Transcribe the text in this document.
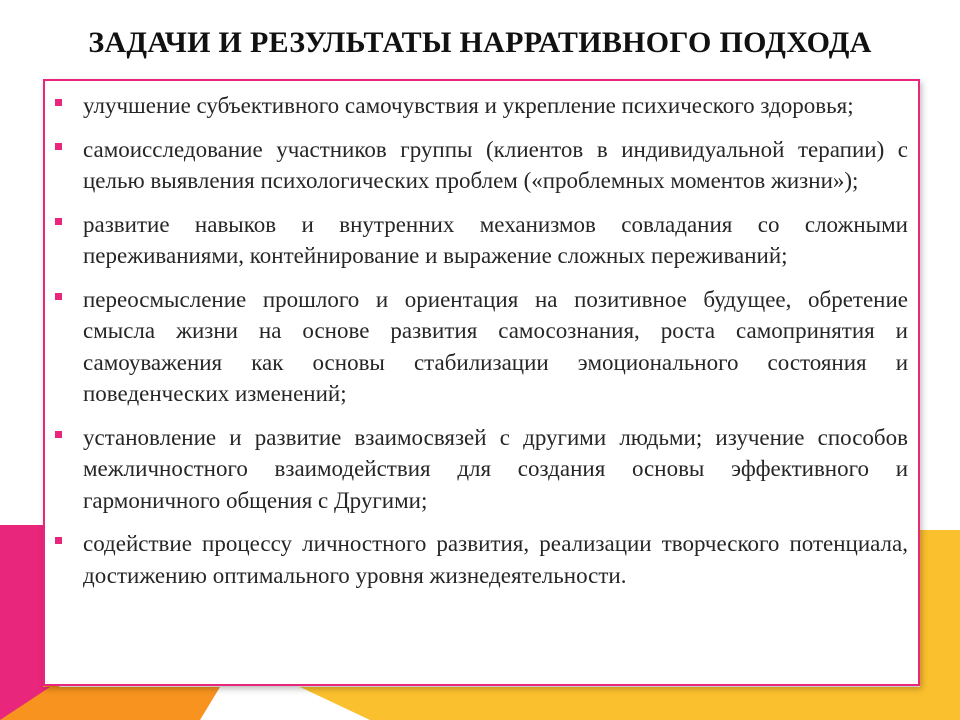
ЗАДАЧИ И РЕЗУЛЬТАТЫ НАРРАТИВНОГО ПОДХОДА
улучшение субъективного самочувствия и укрепление психического здоровья;
самоисследование участников группы (клиентов в индивидуальной терапии) с целью выявления психологических проблем («проблемных моментов жизни»);
развитие навыков и внутренних механизмов совладания со сложными переживаниями, контейнирование и выражение сложных переживаний;
переосмысление прошлого и ориентация на позитивное будущее, обретение смысла жизни на основе развития самосознания, роста самопринятия и самоуважения как основы стабилизации эмоционального состояния и поведенческих изменений;
установление и развитие взаимосвязей с другими людьми; изучение способов межличностного взаимодействия для создания основы эффективного и гармоничного общения с Другими;
содействие процессу личностного развития, реализации творческого потенциала, достижению оптимального уровня жизнедеятельности.
